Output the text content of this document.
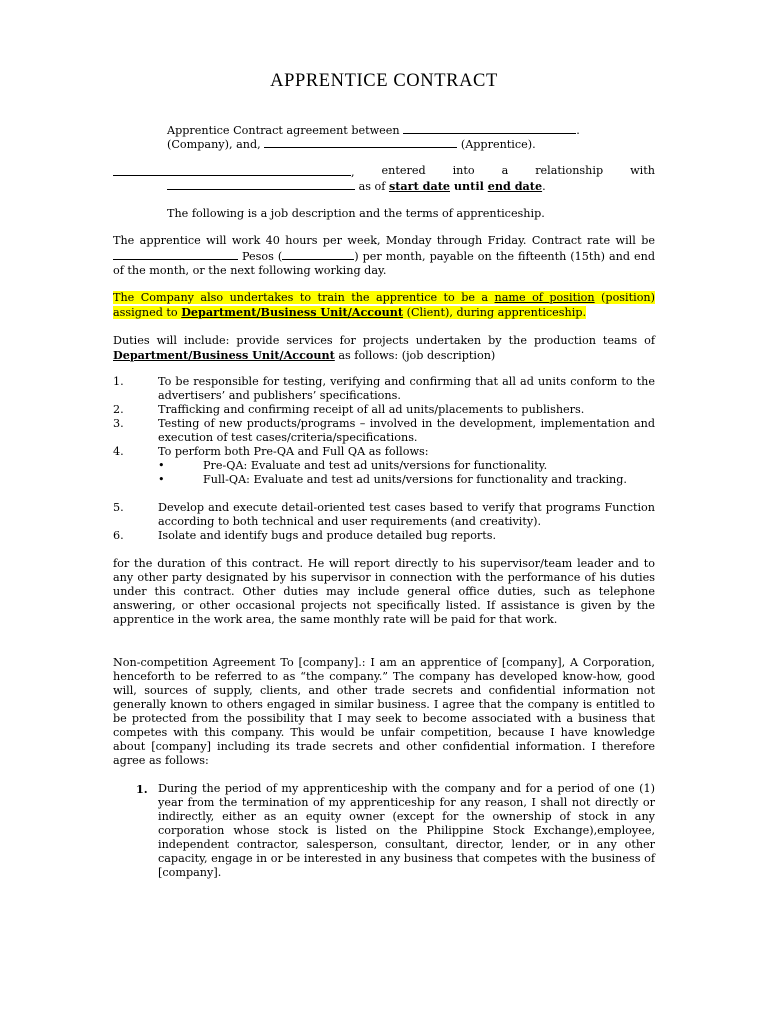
APPRENTICE CONTRACT
Apprentice Contract agreement between	.
(Company), and,	(Apprentice).
, entered into a relationship with
as of start date until end date.
The following is a job description and the terms of apprenticeship.
The apprentice will work 40 hours per week, Monday through Friday. Contract rate will be  Pesos (	) per month, payable on the fifteenth (15th) and end of the month, or the next following working day.
The Company also undertakes to train the apprentice to be a name of position (position) assigned to Department/Business Unit/Account (Client), during apprenticeship.
Duties will include: provide services for projects undertaken by the production teams of Department/Business Unit/Account as follows: (job description)
1.	To be responsible for testing, verifying and confirming that all ad units conform to the advertisers’ and publishers’ specifications.
2.	Trafficking and confirming receipt of all ad units/placements to publishers.
3.	Testing of new products/programs – involved in the development, implementation and execution of test cases/criteria/specifications.
4.	To perform both Pre-QA and Full QA as follows:
•	Pre-QA: Evaluate and test ad units/versions for functionality.
•	Full-QA: Evaluate and test ad units/versions for functionality and tracking.
5.	Develop and execute detail-oriented test cases based to verify that programs Function according to both technical and user requirements (and creativity).
6.	Isolate and identify bugs and produce detailed bug reports.
for the duration of this contract. He will report directly to his supervisor/team leader and to any other party designated by his supervisor in connection with the performance of his duties under this contract. Other duties may include general office duties, such as telephone answering, or other occasional projects not specifically listed. If assistance is given by the apprentice in the work area, the same monthly rate will be paid for that work.
Non-competition Agreement To [company].: I am an apprentice of [company], A Corporation, henceforth to be referred to as “the company.” The company has developed know-how, good will, sources of supply, clients, and other trade secrets and confidential information not generally known to others engaged in similar business. I agree that the company is entitled to be protected from the possibility that I may seek to become associated with a business that competes with this company. This would be unfair competition, because I have knowledge about [company] including its trade secrets and other confidential information. I therefore agree as follows:
1. During the period of my apprenticeship with the company and for a period of one (1) year from the termination of my apprenticeship for any reason, I shall not directly or indirectly, either as an equity owner (except for the ownership of stock in any corporation whose stock is listed on the Philippine Stock Exchange),employee, independent contractor, salesperson, consultant, director, lender, or in any other capacity, engage in or be interested in any business that competes with the business of [company].
